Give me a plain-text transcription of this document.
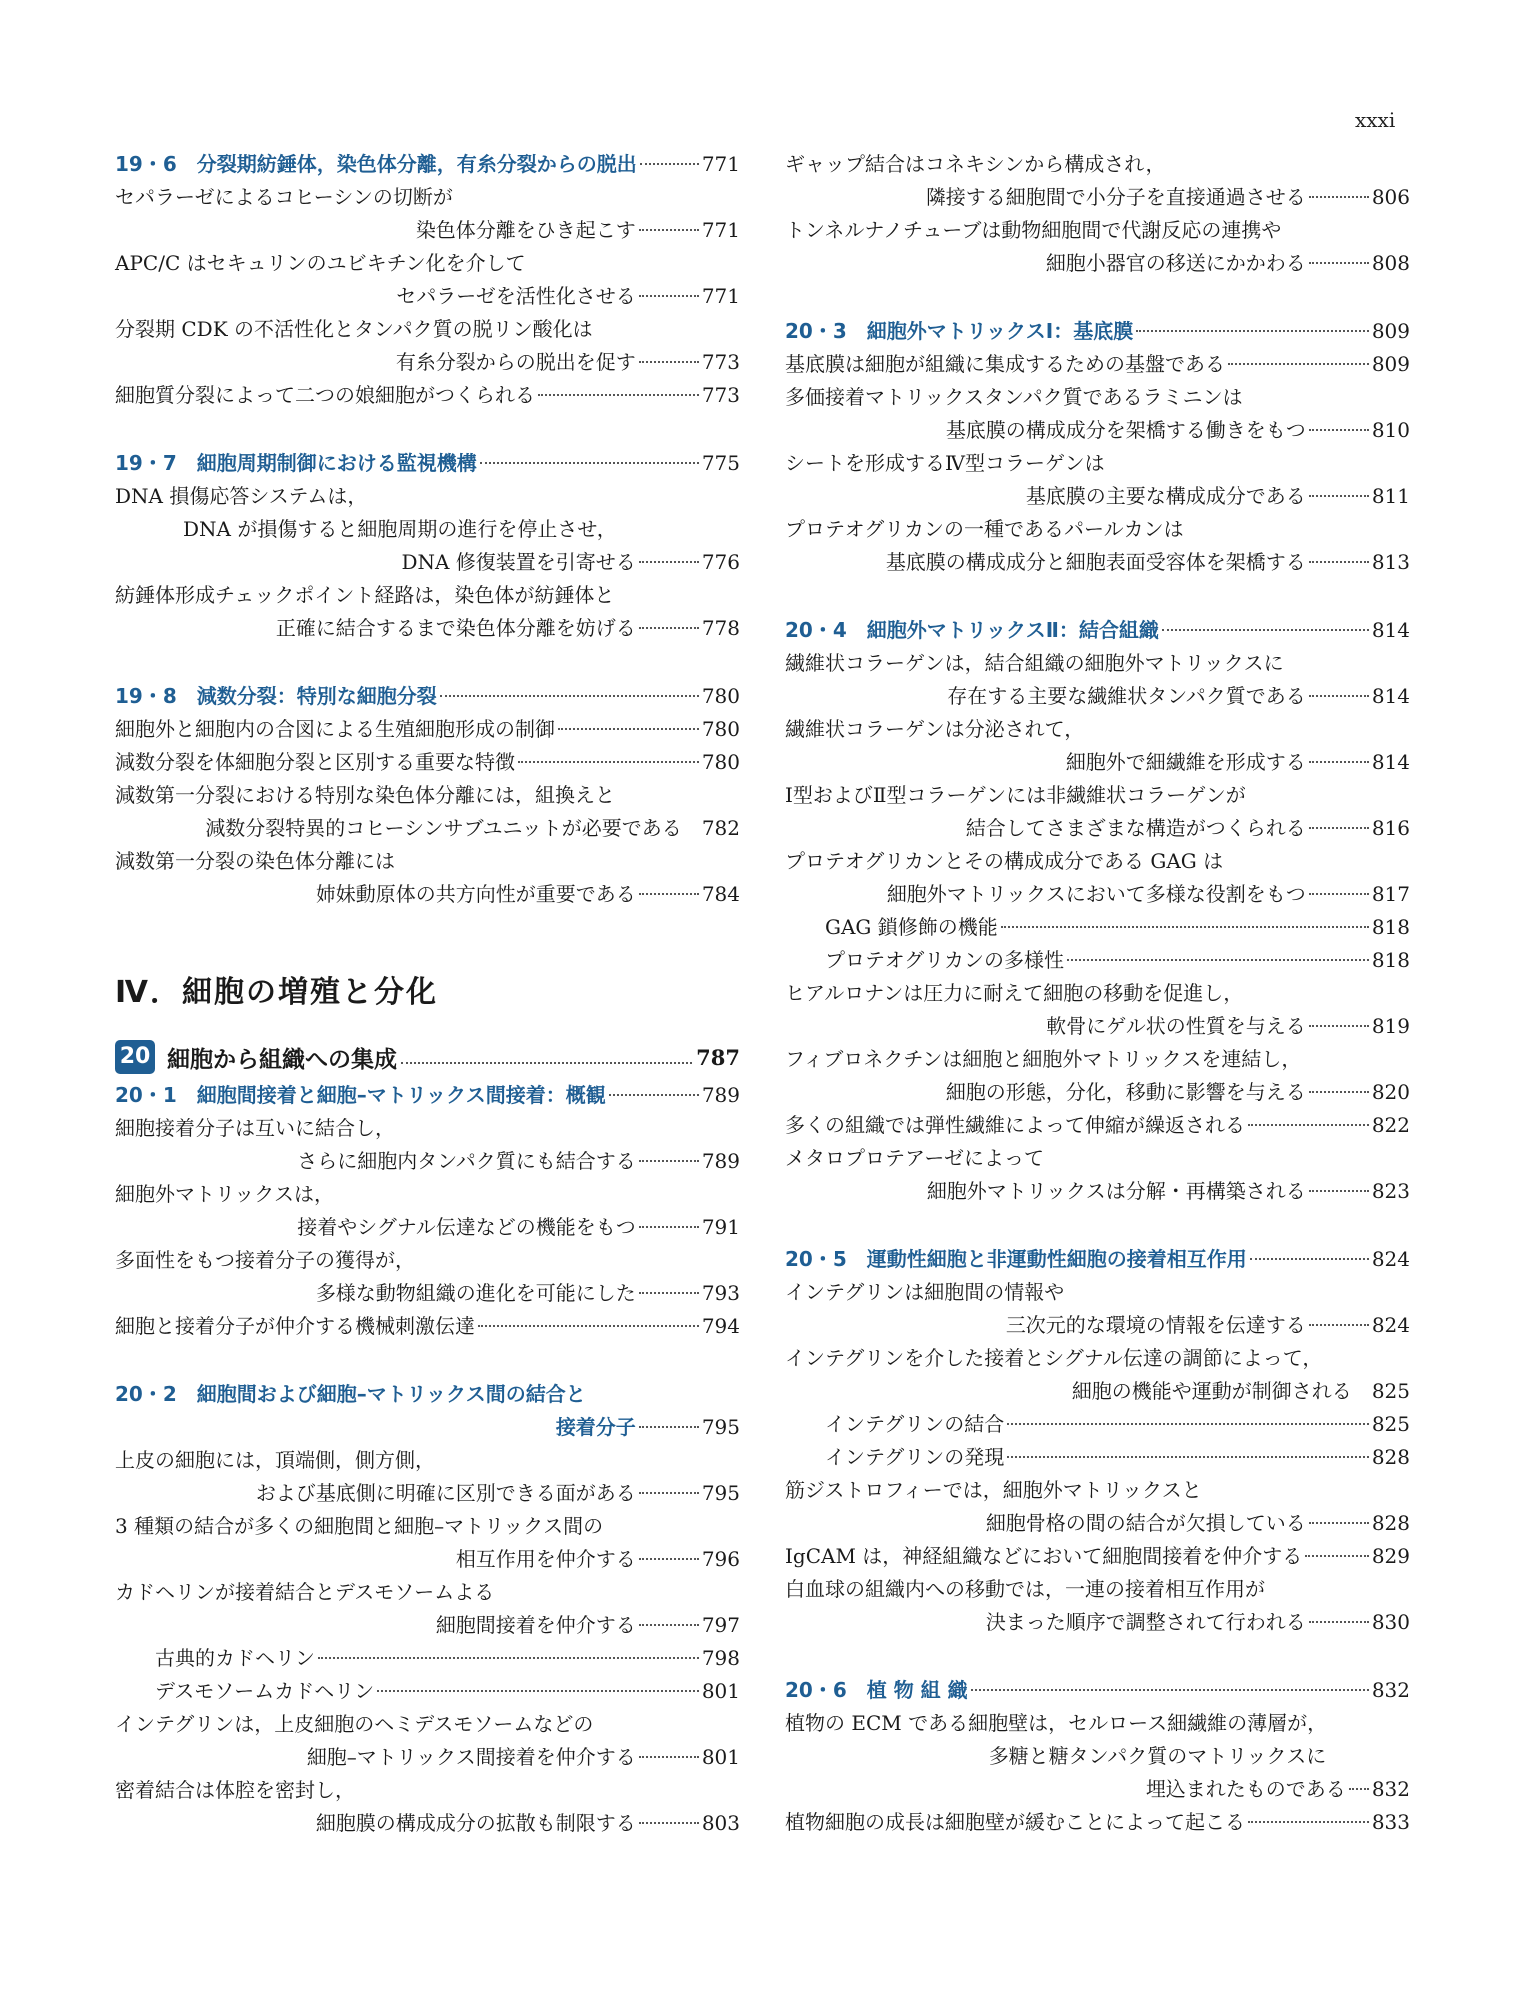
xxxi
19・6　分裂期紡錘体，染色体分離，有糸分裂からの脱出	771
セパラーゼによるコヒーシンの切断が
染色体分離をひき起こす	771
APC/C はセキュリンのユビキチン化を介して
セパラーゼを活性化させる	771
分裂期 CDK の不活性化とタンパク質の脱リン酸化は
有糸分裂からの脱出を促す	773
細胞質分裂によって二つの娘細胞がつくられる	773
19・7　細胞周期制御における監視機構	775
DNA 損傷応答システムは，
DNA が損傷すると細胞周期の進行を停止させ，
DNA 修復装置を引寄せる	776
紡錘体形成チェックポイント経路は，染色体が紡錘体と
正確に結合するまで染色体分離を妨げる	778
19・8　減数分裂：特別な細胞分裂	780
細胞外と細胞内の合図による生殖細胞形成の制御	780
減数分裂を体細胞分裂と区別する重要な特徴	780
減数第一分裂における特別な染色体分離には，組換えと
減数分裂特異的コヒーシンサブユニットが必要である 782
減数第一分裂の染色体分離には
姉妹動原体の共方向性が重要である	784
Ⅳ．細胞の増殖と分化
20 細胞から組織への集成	787
20・1　細胞間接着と細胞–マトリックス間接着：概観	789
細胞接着分子は互いに結合し，
さらに細胞内タンパク質にも結合する	789
細胞外マトリックスは，
接着やシグナル伝達などの機能をもつ	791
多面性をもつ接着分子の獲得が，
多様な動物組織の進化を可能にした	793
細胞と接着分子が仲介する機械刺激伝達	794
20・2　細胞間および細胞–マトリックス間の結合と
接着分子	795
上皮の細胞には，頂端側，側方側，
および基底側に明確に区別できる面がある	795
3 種類の結合が多くの細胞間と細胞–マトリックス間の
相互作用を仲介する	796
カドヘリンが接着結合とデスモソームよる
細胞間接着を仲介する	797
古典的カドヘリン	798
デスモソームカドヘリン	801
インテグリンは，上皮細胞のヘミデスモソームなどの
細胞–マトリックス間接着を仲介する	801
密着結合は体腔を密封し，
細胞膜の構成成分の拡散も制限する	803
ギャップ結合はコネキシンから構成され，
隣接する細胞間で小分子を直接通過させる	806
トンネルナノチューブは動物細胞間で代謝反応の連携や
細胞小器官の移送にかかわる	808
20・3　細胞外マトリックスⅠ：基底膜	809
基底膜は細胞が組織に集成するための基盤である	809
多価接着マトリックスタンパク質であるラミニンは
基底膜の構成成分を架橋する働きをもつ	810
シートを形成するⅣ型コラーゲンは
基底膜の主要な構成成分である	811
プロテオグリカンの一種であるパールカンは
基底膜の構成成分と細胞表面受容体を架橋する	813
20・4　細胞外マトリックスⅡ：結合組織	814
繊維状コラーゲンは，結合組織の細胞外マトリックスに
存在する主要な繊維状タンパク質である	814
繊維状コラーゲンは分泌されて，
細胞外で細繊維を形成する	814
Ⅰ型およびⅡ型コラーゲンには非繊維状コラーゲンが
結合してさまざまな構造がつくられる	816
プロテオグリカンとその構成成分である GAG は
細胞外マトリックスにおいて多様な役割をもつ	817
GAG 鎖修飾の機能	818
プロテオグリカンの多様性	818
ヒアルロナンは圧力に耐えて細胞の移動を促進し，
軟骨にゲル状の性質を与える	819
フィブロネクチンは細胞と細胞外マトリックスを連結し，
細胞の形態，分化，移動に影響を与える	820
多くの組織では弾性繊維によって伸縮が繰返される	822
メタロプロテアーゼによって
細胞外マトリックスは分解・再構築される	823
20・5　運動性細胞と非運動性細胞の接着相互作用	824
インテグリンは細胞間の情報や
三次元的な環境の情報を伝達する	824
インテグリンを介した接着とシグナル伝達の調節によって，
細胞の機能や運動が制御される 825
インテグリンの結合	825
インテグリンの発現	828
筋ジストロフィーでは，細胞外マトリックスと
細胞骨格の間の結合が欠損している	828
IgCAM は，神経組織などにおいて細胞間接着を仲介する	829
白血球の組織内への移動では，一連の接着相互作用が
決まった順序で調整されて行われる	830
20・6　植 物 組 織	832
植物の ECM である細胞壁は，セルロース細繊維の薄層が，
多糖と糖タンパク質のマトリックスに
埋込まれたものである 832
植物細胞の成長は細胞壁が緩むことによって起こる	833
